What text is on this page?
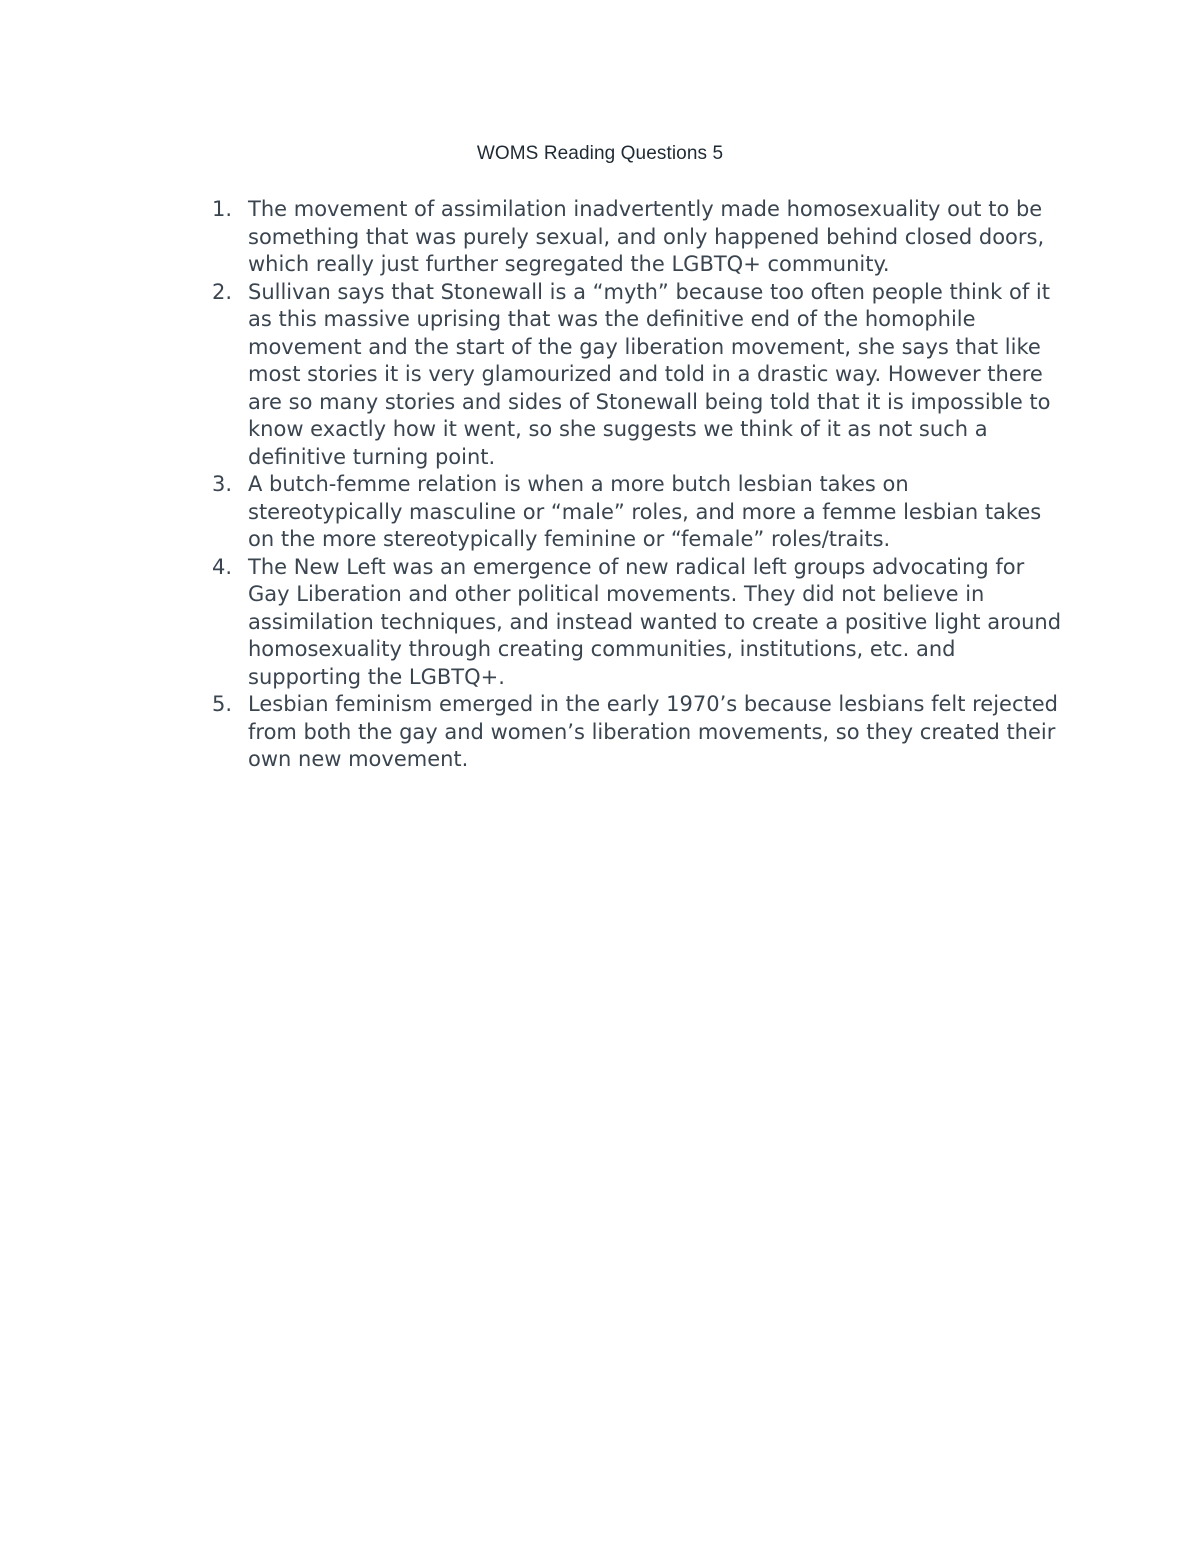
WOMS Reading Questions 5
1. The movement of assimilation inadvertently made homosexuality out to be something that was purely sexual, and only happened behind closed doors, which really just further segregated the LGBTQ+ community.
2. Sullivan says that Stonewall is a “myth” because too often people think of it as this massive uprising that was the definitive end of the homophile movement and the start of the gay liberation movement, she says that like most stories it is very glamourized and told in a drastic way. However there are so many stories and sides of Stonewall being told that it is impossible to know exactly how it went, so she suggests we think of it as not such a definitive turning point.
3. A butch-femme relation is when a more butch lesbian takes on stereotypically masculine or “male” roles, and more a femme lesbian takes on the more stereotypically feminine or “female” roles/traits.
4. The New Left was an emergence of new radical left groups advocating for Gay Liberation and other political movements. They did not believe in assimilation techniques, and instead wanted to create a positive light around homosexuality through creating communities, institutions, etc. and supporting the LGBTQ+.
5. Lesbian feminism emerged in the early 1970’s because lesbians felt rejected from both the gay and women’s liberation movements, so they created their own new movement.
